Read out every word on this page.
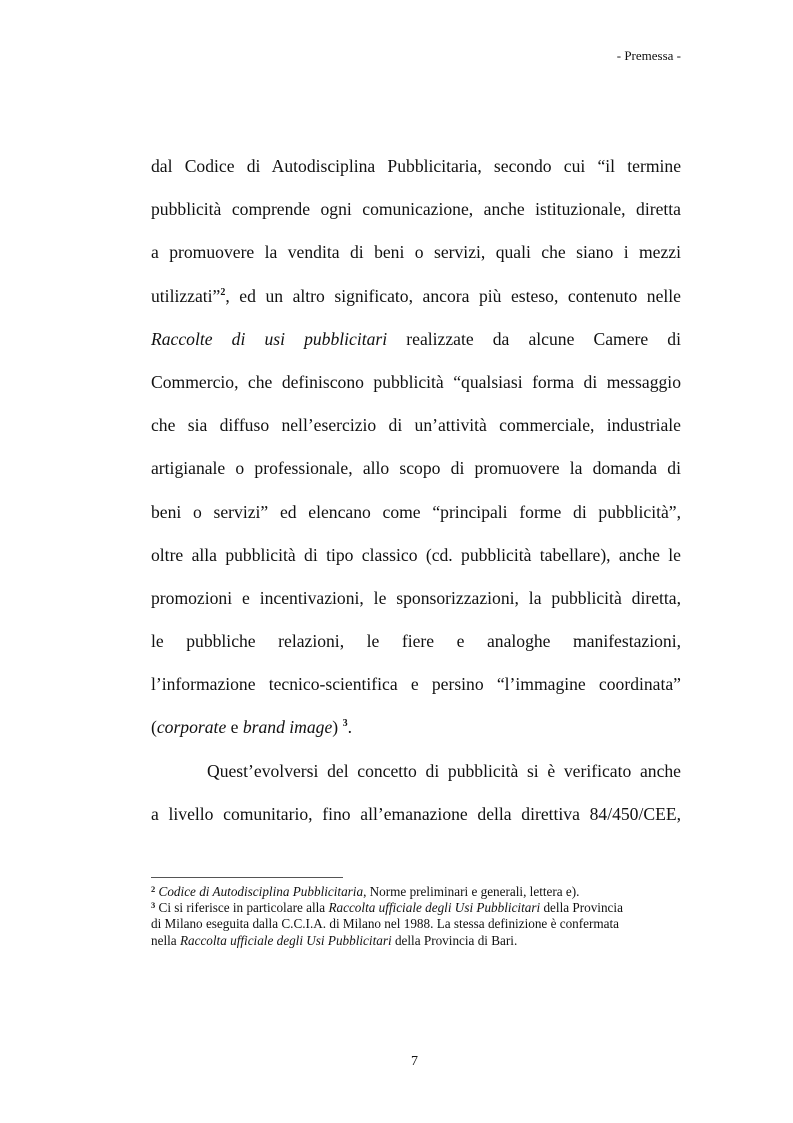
- Premessa -
dal Codice di Autodisciplina Pubblicitaria, secondo cui “il termine
pubblicità comprende ogni comunicazione, anche istituzionale, diretta
a promuovere la vendita di beni o servizi, quali che siano i mezzi
utilizzati”$^2$, ed un altro significato, ancora più esteso, contenuto nelle
Raccolte di usi pubblicitari realizzate da alcune Camere di
Commercio, che definiscono pubblicità “qualsiasi forma di messaggio
che sia diffuso nell’esercizio di un’attività commerciale, industriale
artigianale o professionale, allo scopo di promuovere la domanda di
beni o servizi” ed elencano come “principali forme di pubblicità”,
oltre alla pubblicità di tipo classico (cd. pubblicità tabellare), anche le
promozioni e incentivazioni, le sponsorizzazioni, la pubblicità diretta,
le pubbliche relazioni, le fiere e analoghe manifestazioni,
l’informazione tecnico-scientifica e persino “l’immagine coordinata”
(corporate e brand image) $^3$.
Quest’evolversi del concetto di pubblicità si è verificato anche
a livello comunitario, fino all’emanazione della direttiva 84/450/CEE,
$^2$ Codice di Autodisciplina Pubblicitaria, Norme preliminari e generali, lettera e).
$^3$ Ci si riferisce in particolare alla Raccolta ufficiale degli Usi Pubblicitari della Provincia
di Milano eseguita dalla C.C.I.A. di Milano nel 1988. La stessa definizione è confermata
nella Raccolta ufficiale degli Usi Pubblicitari della Provincia di Bari.
7
